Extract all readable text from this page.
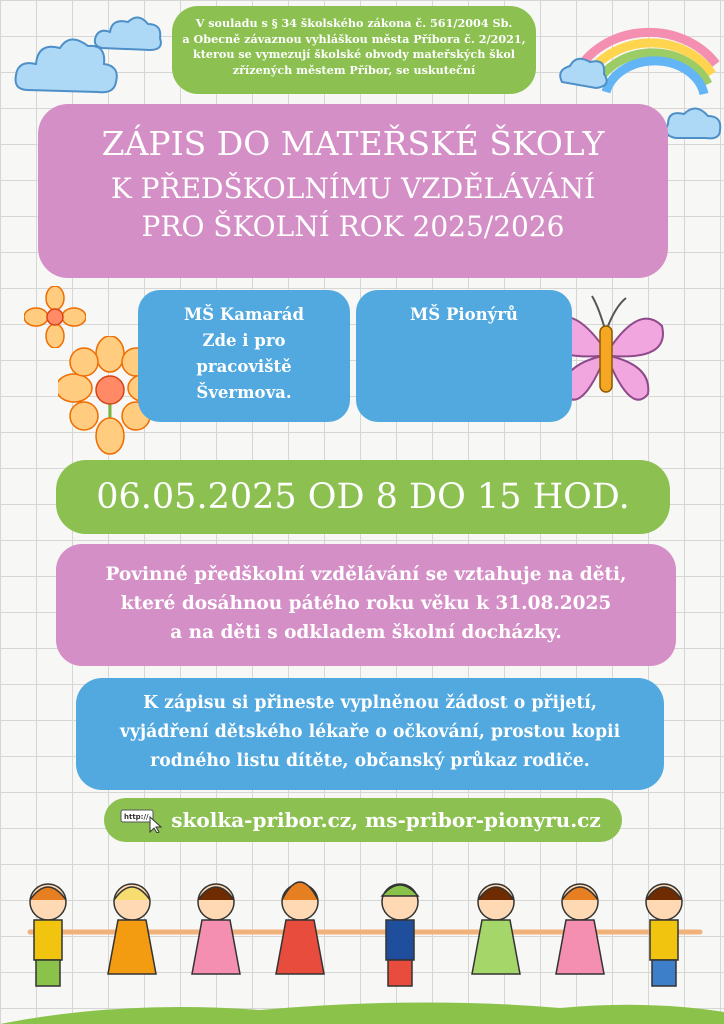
V souladu s § 34 školského zákona č. 561/2004 Sb.
a Obecně závaznou vyhláškou města Příbora č. 2/2021,
kterou se vymezují školské obvody mateřských škol
zřízených městem Příbor, se uskuteční
ZÁPIS DO MATEŘSKÉ ŠKOLY
K PŘEDŠKOLNÍMU VZDĚLÁVÁNÍ
PRO ŠKOLNÍ ROK 2025/2026
MŠ Kamarád
Zde i pro
pracoviště
Švermova.
MŠ Pionýrů
06.05.2025 OD 8 DO 15 HOD.
Povinné předškolní vzdělávání se vztahuje na děti,
které dosáhnou pátého roku věku k 31.08.2025
a na děti s odkladem školní docházky.
K zápisu si přineste vyplněnou žádost o přijetí,
vyjádření dětského lékaře o očkování, prostou kopii
rodného listu dítěte, občanský průkaz rodiče.
http:// skolka-pribor.cz, ms-pribor-pionyru.cz
